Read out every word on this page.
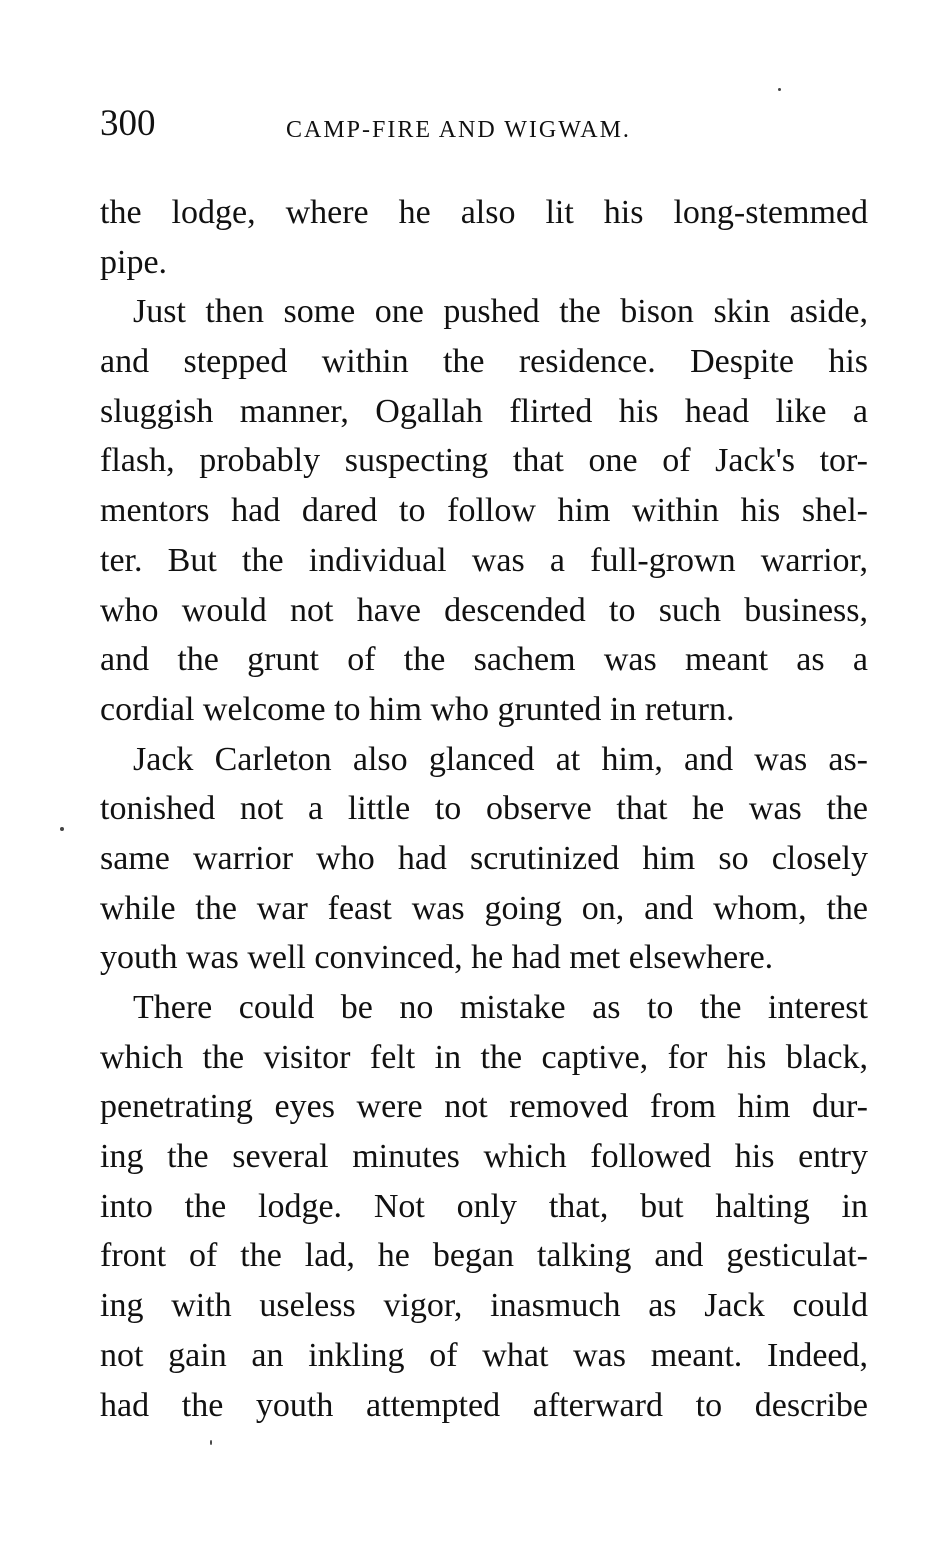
300	CAMP-FIRE AND WIGWAM.
the lodge, where he also lit his long-stemmed
pipe.
Just then some one pushed the bison skin aside,
and stepped within the residence. Despite his
sluggish manner, Ogallah flirted his head like a
flash, probably suspecting that one of Jack's tor-
mentors had dared to follow him within his shel-
ter. But the individual was a full-grown warrior,
who would not have descended to such business,
and the grunt of the sachem was meant as a
cordial welcome to him who grunted in return.
Jack Carleton also glanced at him, and was as-
tonished not a little to observe that he was the
same warrior who had scrutinized him so closely
while the war feast was going on, and whom, the
youth was well convinced, he had met elsewhere.
There could be no mistake as to the interest
which the visitor felt in the captive, for his black,
penetrating eyes were not removed from him dur-
ing the several minutes which followed his entry
into the lodge. Not only that, but halting in
front of the lad, he began talking and gesticulat-
ing with useless vigor, inasmuch as Jack could
not gain an inkling of what was meant. Indeed,
had the youth attempted afterward to describe
